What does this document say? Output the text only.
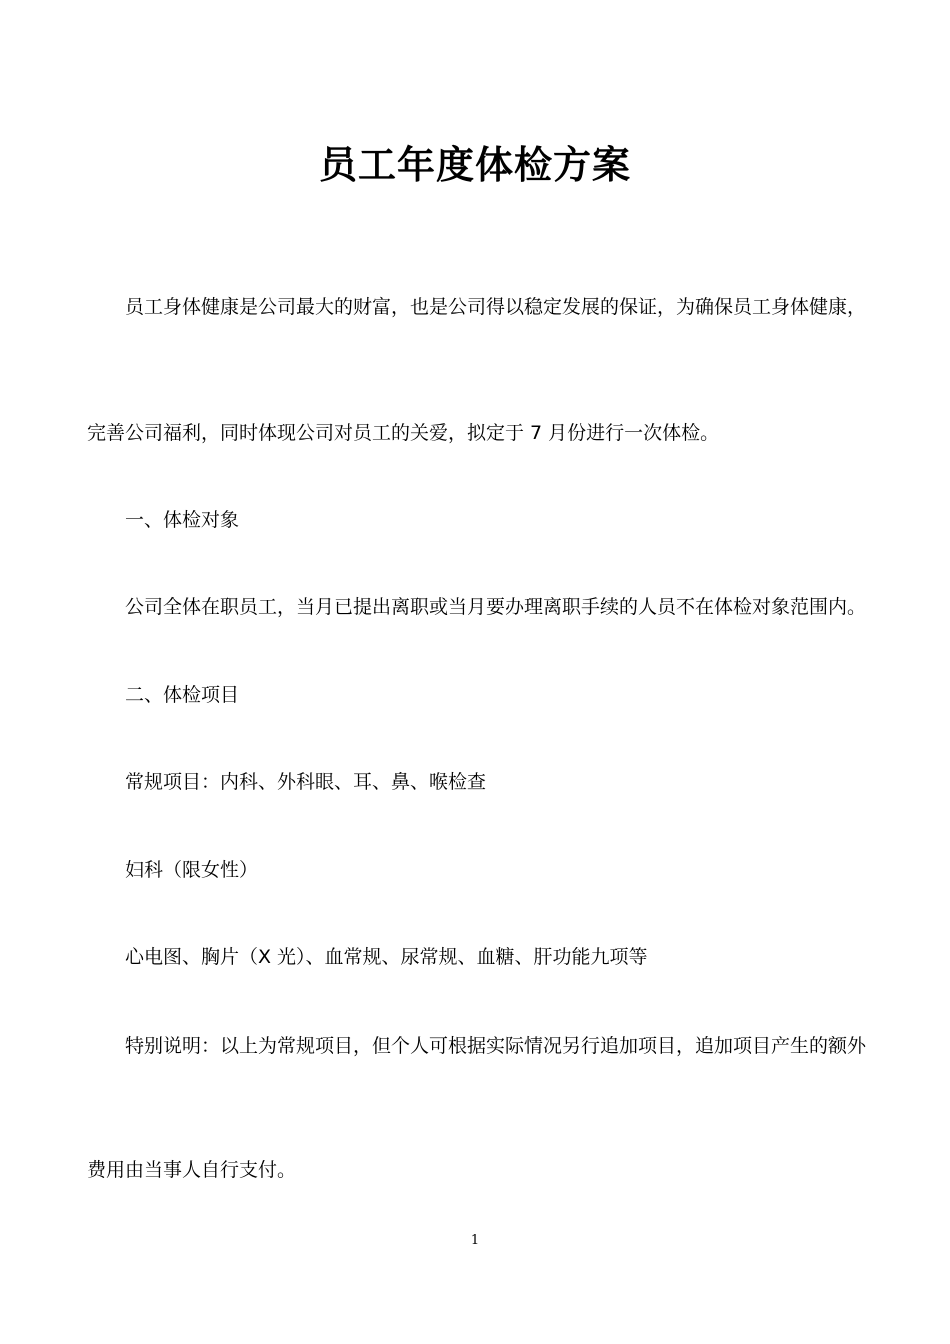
员工年度体检方案
员工身体健康是公司最大的财富，也是公司得以稳定发展的保证，为确保员工身体健康，
完善公司福利，同时体现公司对员工的关爱，拟定于 7 月份进行一次体检。
一、体检对象
公司全体在职员工，当月已提出离职或当月要办理离职手续的人员不在体检对象范围内。
二、体检项目
常规项目：内科、外科眼、耳、鼻、喉检查
妇科（限女性）
心电图、胸片（X 光）、血常规、尿常规、血糖、肝功能九项等
特别说明：以上为常规项目，但个人可根据实际情况另行追加项目，追加项目产生的额外
费用由当事人自行支付。
1
